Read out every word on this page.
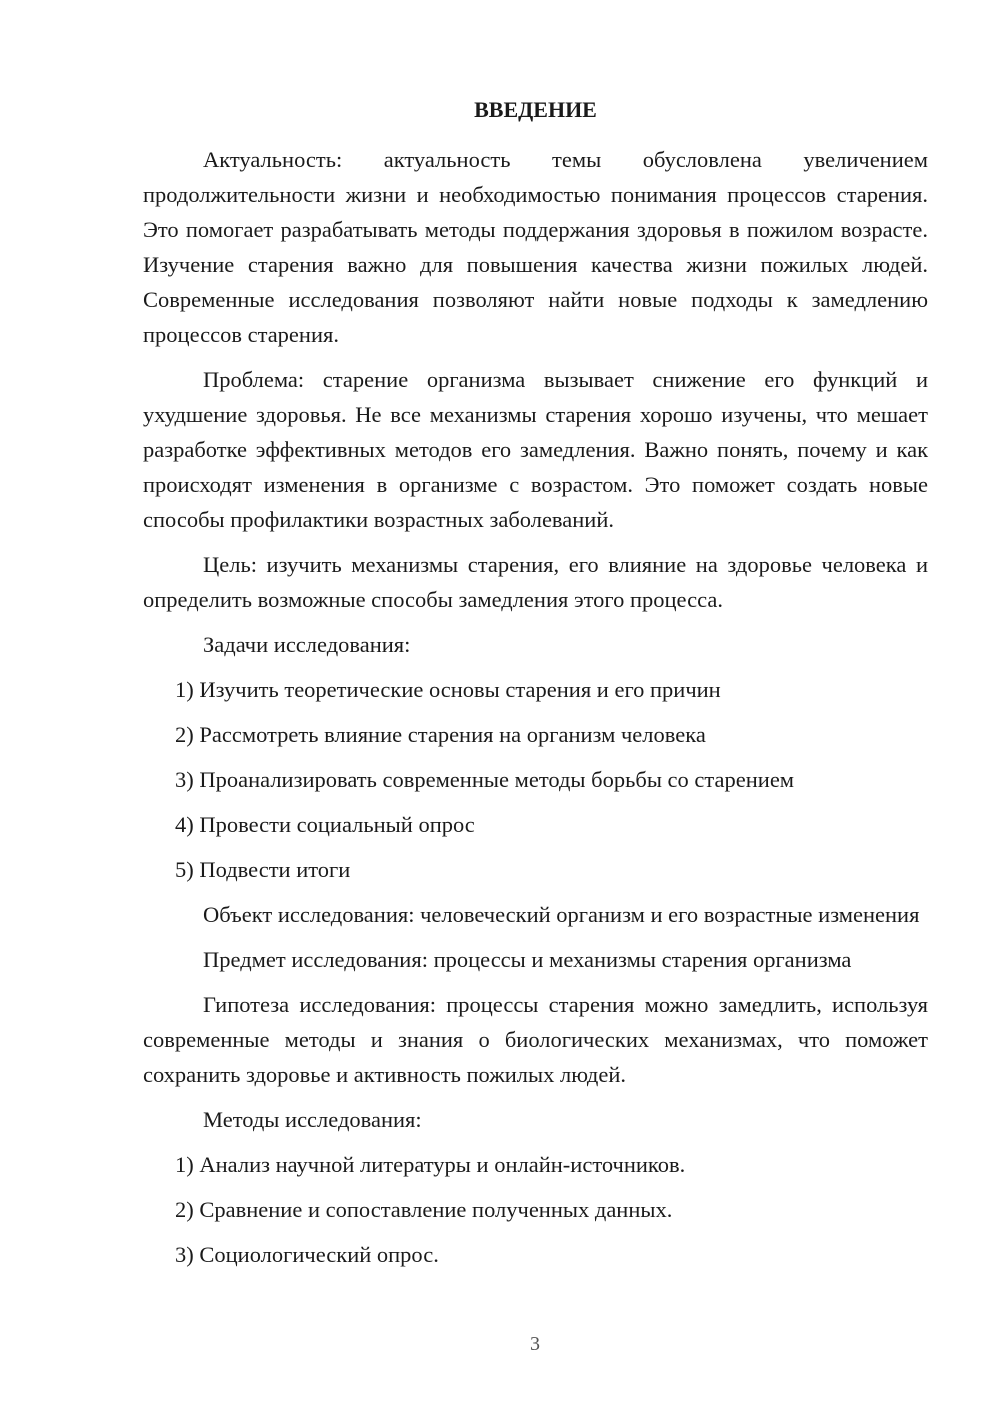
ВВЕДЕНИЕ

Актуальность: актуальность темы обусловлена увеличением продолжительности жизни и необходимостью понимания процессов старения. Это помогает разрабатывать методы поддержания здоровья в пожилом возрасте. Изучение старения важно для повышения качества жизни пожилых людей. Современные исследования позволяют найти новые подходы к замедлению процессов старения.

Проблема: старение организма вызывает снижение его функций и ухудшение здоровья. Не все механизмы старения хорошо изучены, что мешает разработке эффективных методов его замедления. Важно понять, почему и как происходят изменения в организме с возрастом. Это поможет создать новые способы профилактики возрастных заболеваний.

Цель: изучить механизмы старения, его влияние на здоровье человека и определить возможные способы замедления этого процесса.

Задачи исследования:

1) Изучить теоретические основы старения и его причин
2) Рассмотреть влияние старения на организм человека
3) Проанализировать современные методы борьбы со старением
4) Провести социальный опрос
5) Подвести итоги

Объект исследования: человеческий организм и его возрастные изменения

Предмет исследования: процессы и механизмы старения организма

Гипотеза исследования: процессы старения можно замедлить, используя современные методы и знания о биологических механизмах, что поможет сохранить здоровье и активность пожилых людей.

Методы исследования:

1) Анализ научной литературы и онлайн-источников.
2) Сравнение и сопоставление полученных данных.
3) Социологический опрос.
3
